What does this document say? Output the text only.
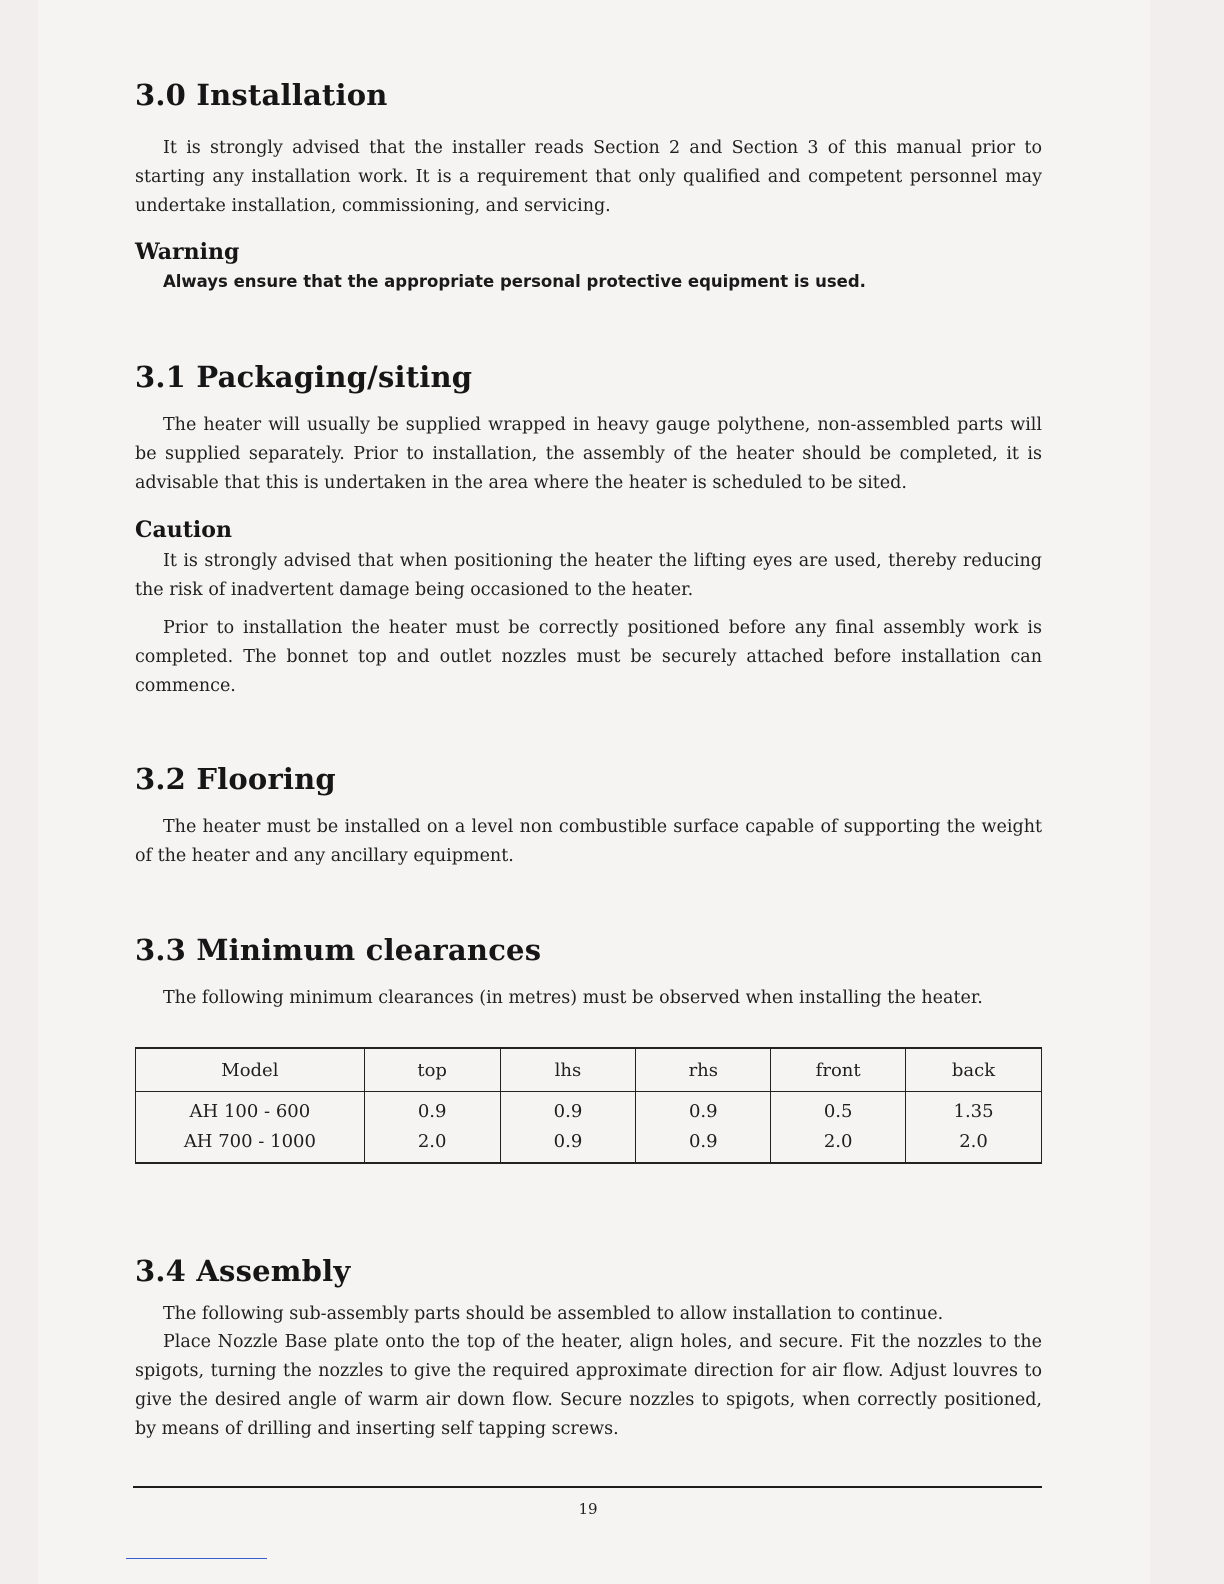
3.0 Installation

It is strongly advised that the installer reads Section 2 and Section 3 of this manual prior to starting any installation work. It is a requirement that only qualified and competent personnel may undertake installation, commissioning, and servicing.

Warning
Always ensure that the appropriate personal protective equipment is used.
3.1 Packaging/siting

The heater will usually be supplied wrapped in heavy gauge polythene, non-assembled parts will be supplied separately. Prior to installation, the assembly of the heater should be completed, it is advisable that this is undertaken in the area where the heater is scheduled to be sited.

Caution

It is strongly advised that when positioning the heater the lifting eyes are used, thereby reducing the risk of inadvertent damage being occasioned to the heater.

Prior to installation the heater must be correctly positioned before any final assembly work is completed. The bonnet top and outlet nozzles must be securely attached before installation can commence.

3.2 Flooring

The heater must be installed on a level non combustible surface capable of supporting the weight of the heater and any ancillary equipment.

3.3 Minimum clearances

The following minimum clearances (in metres) must be observed when installing the heater.

Model	top	lhs	rhs	front	back
AH 100 - 600	0.9	0.9	0.9	0.5	1.35
AH 700 - 1000	2.0	0.9	0.9	2.0	2.0
3.4 Assembly

The following sub-assembly parts should be assembled to allow installation to continue.

Place Nozzle Base plate onto the top of the heater, align holes, and secure. Fit the nozzles to the spigots, turning the nozzles to give the required approximate direction for air flow. Adjust louvres to give the desired angle of warm air down flow. Secure nozzles to spigots, when correctly positioned, by means of drilling and inserting self tapping screws.

19
